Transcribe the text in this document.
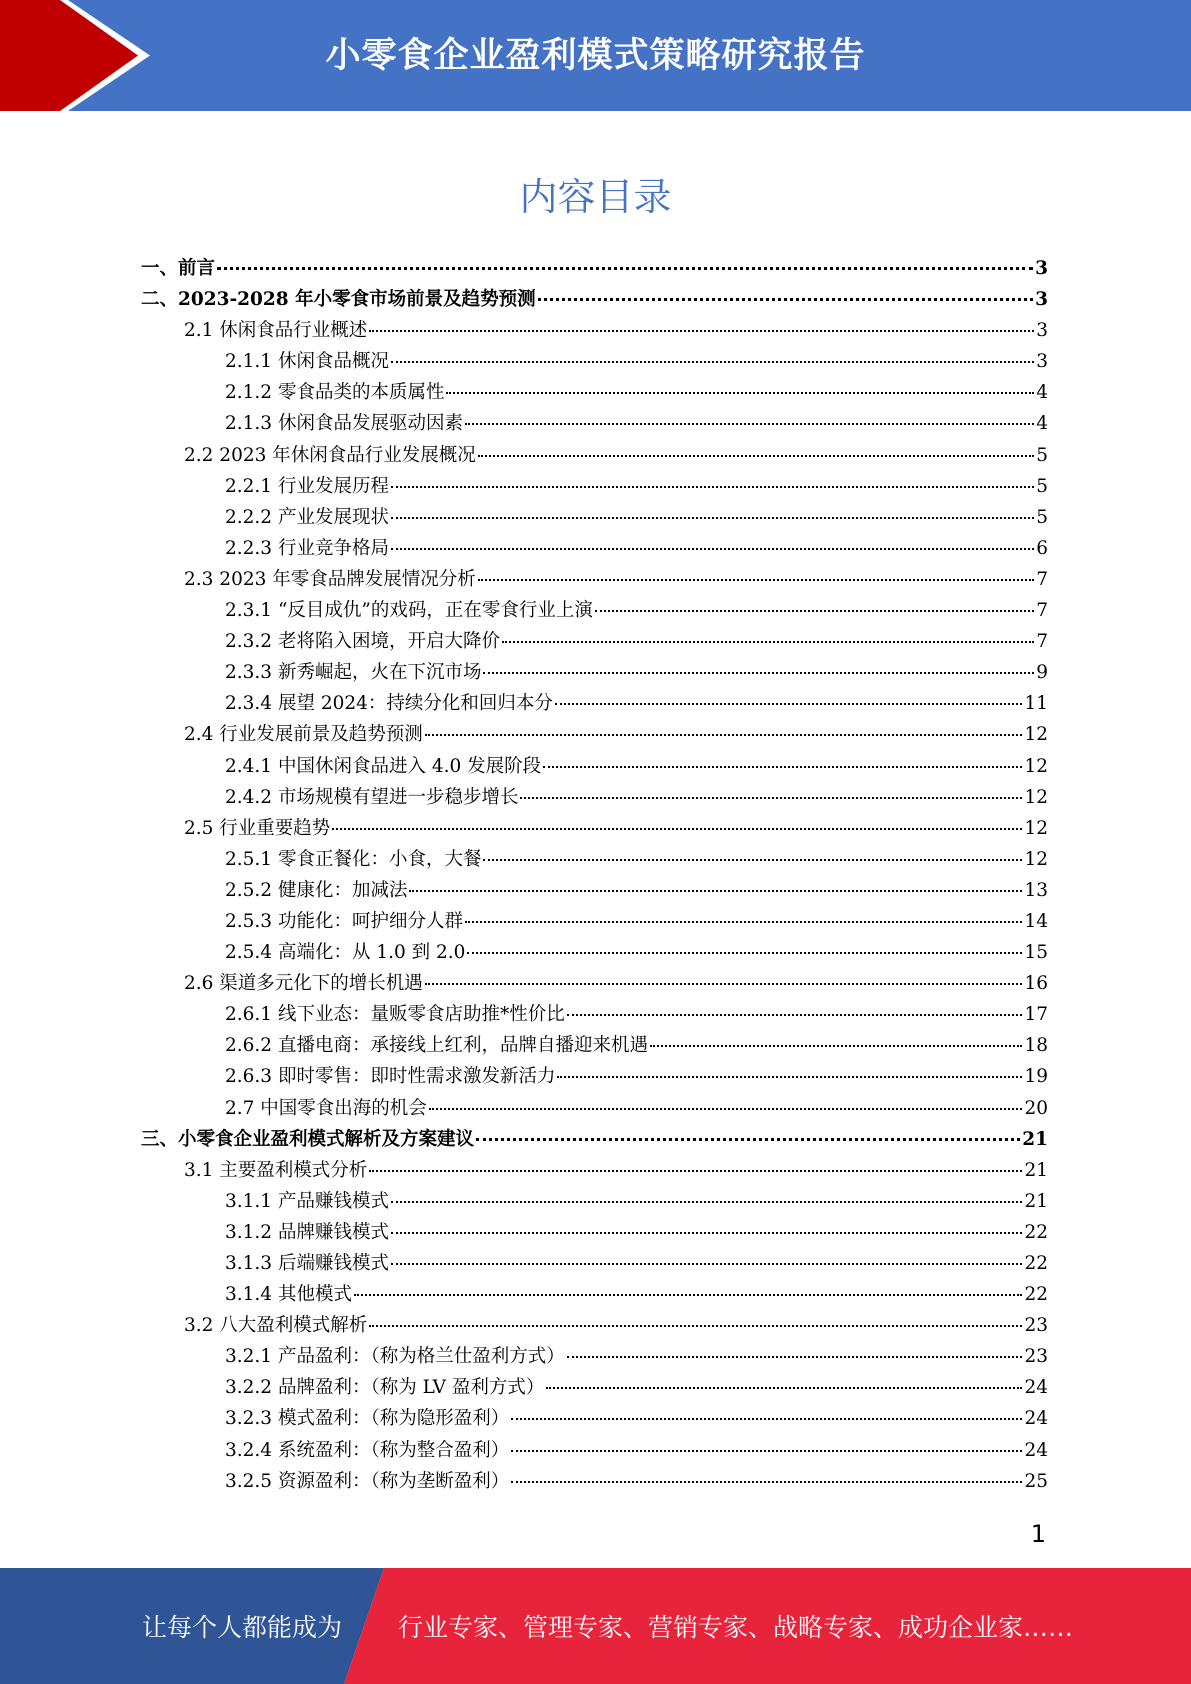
小零食企业盈利模式策略研究报告
内容目录
一、前言	3
二、2023-2028 年小零食市场前景及趋势预测	3
2.1 休闲食品行业概述	3
2.1.1 休闲食品概况	3
2.1.2 零食品类的本质属性	4
2.1.3 休闲食品发展驱动因素	4
2.2 2023 年休闲食品行业发展概况	5
2.2.1 行业发展历程	5
2.2.2 产业发展现状	5
2.2.3 行业竞争格局	6
2.3 2023 年零食品牌发展情况分析	7
2.3.1 “反目成仇”的戏码，正在零食行业上演	7
2.3.2 老将陷入困境，开启大降价	7
2.3.3 新秀崛起，火在下沉市场	9
2.3.4 展望 2024：持续分化和回归本分	11
2.4 行业发展前景及趋势预测	12
2.4.1 中国休闲食品进入 4.0 发展阶段	12
2.4.2 市场规模有望进一步稳步增长	12
2.5 行业重要趋势	12
2.5.1 零食正餐化：小食，大餐	12
2.5.2 健康化：加减法	13
2.5.3 功能化：呵护细分人群	14
2.5.4 高端化：从 1.0 到 2.0	15
2.6 渠道多元化下的增长机遇	16
2.6.1 线下业态：量贩零食店助推*性价比	17
2.6.2 直播电商：承接线上红利，品牌自播迎来机遇	18
2.6.3 即时零售：即时性需求激发新活力	19
2.7 中国零食出海的机会	20
三、小零食企业盈利模式解析及方案建议	21
3.1 主要盈利模式分析	21
3.1.1 产品赚钱模式	21
3.1.2 品牌赚钱模式	22
3.1.3 后端赚钱模式	22
3.1.4 其他模式	22
3.2 八大盈利模式解析	23
3.2.1 产品盈利：（称为格兰仕盈利方式）	23
3.2.2 品牌盈利：（称为 LV 盈利方式）	24
3.2.3 模式盈利：（称为隐形盈利）	24
3.2.4 系统盈利：（称为整合盈利）	24
3.2.5 资源盈利：（称为垄断盈利）	25
1
让每个人都能成为 行业专家、管理专家、营销专家、战略专家、成功企业家……
